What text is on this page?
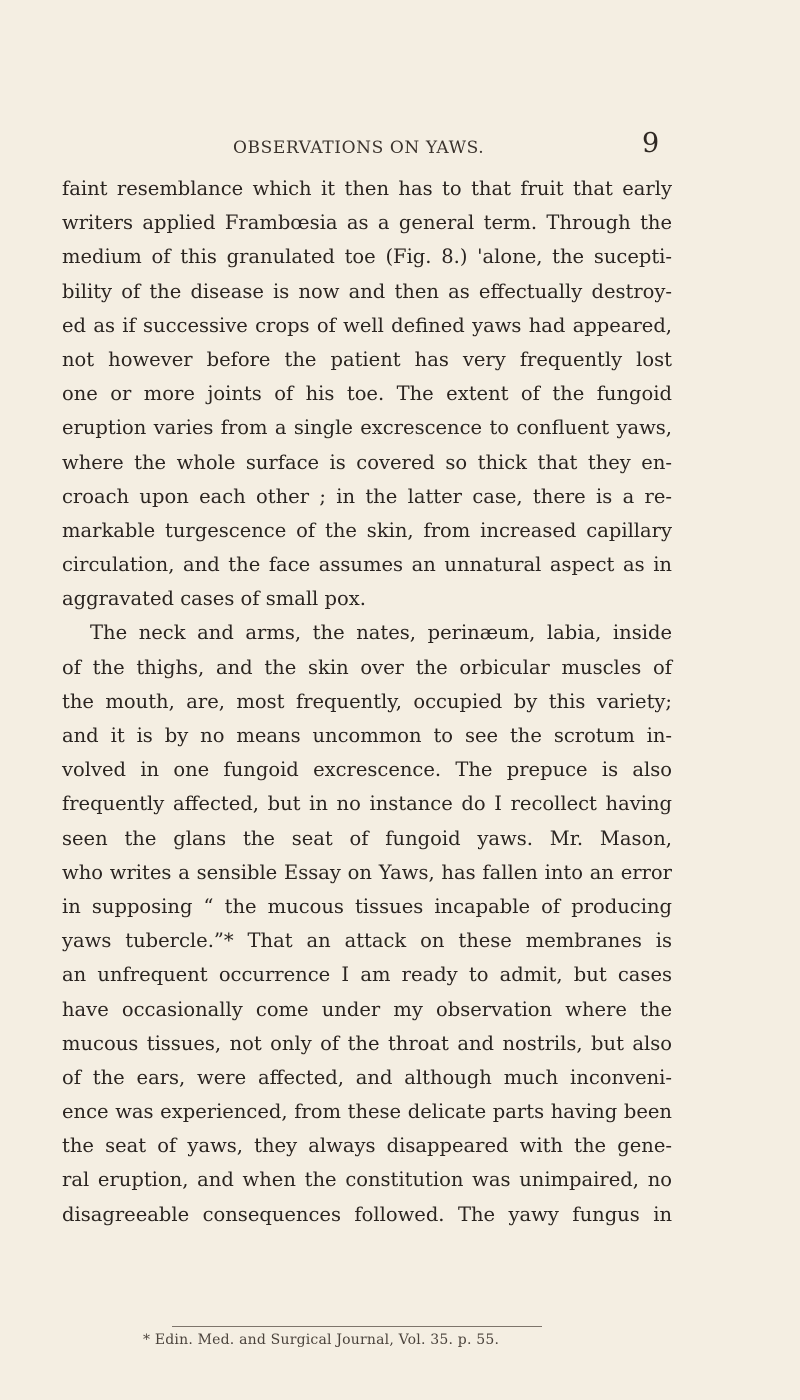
OBSERVATIONS ON YAWS.	9
faint resemblance which it then has to that fruit that early
writers applied Frambœsia as a general term. Through the
medium of this granulated toe (Fig. 8.) 'alone, the sucepti-
bility of the disease is now and then as effectually destroy-
ed as if successive crops of well defined yaws had appeared,
not however before the patient has very frequently lost
one or more joints of his toe. The extent of the fungoid
eruption varies from a single excrescence to confluent yaws,
where the whole surface is covered so thick that they en-
croach upon each other ; in the latter case, there is a re-
markable turgescence of the skin, from increased capillary
circulation, and the face assumes an unnatural aspect as in
aggravated cases of small pox.
The neck and arms, the nates, perinæum, labia, inside
of the thighs, and the skin over the orbicular muscles of
the mouth, are, most frequently, occupied by this variety;
and it is by no means uncommon to see the scrotum in-
volved in one fungoid excrescence. The prepuce is also
frequently affected, but in no instance do I recollect having
seen the glans the seat of fungoid yaws. Mr. Mason,
who writes a sensible Essay on Yaws, has fallen into an error
in supposing “ the mucous tissues incapable of producing
yaws tubercle.”* That an attack on these membranes is
an unfrequent occurrence I am ready to admit, but cases
have occasionally come under my observation where the
mucous tissues, not only of the throat and nostrils, but also
of the ears, were affected, and although much inconveni-
ence was experienced, from these delicate parts having been
the seat of yaws, they always disappeared with the gene-
ral eruption, and when the constitution was unimpaired, no
disagreeable consequences followed. The yawy fungus in
* Edin. Med. and Surgical Journal, Vol. 35. p. 55.
